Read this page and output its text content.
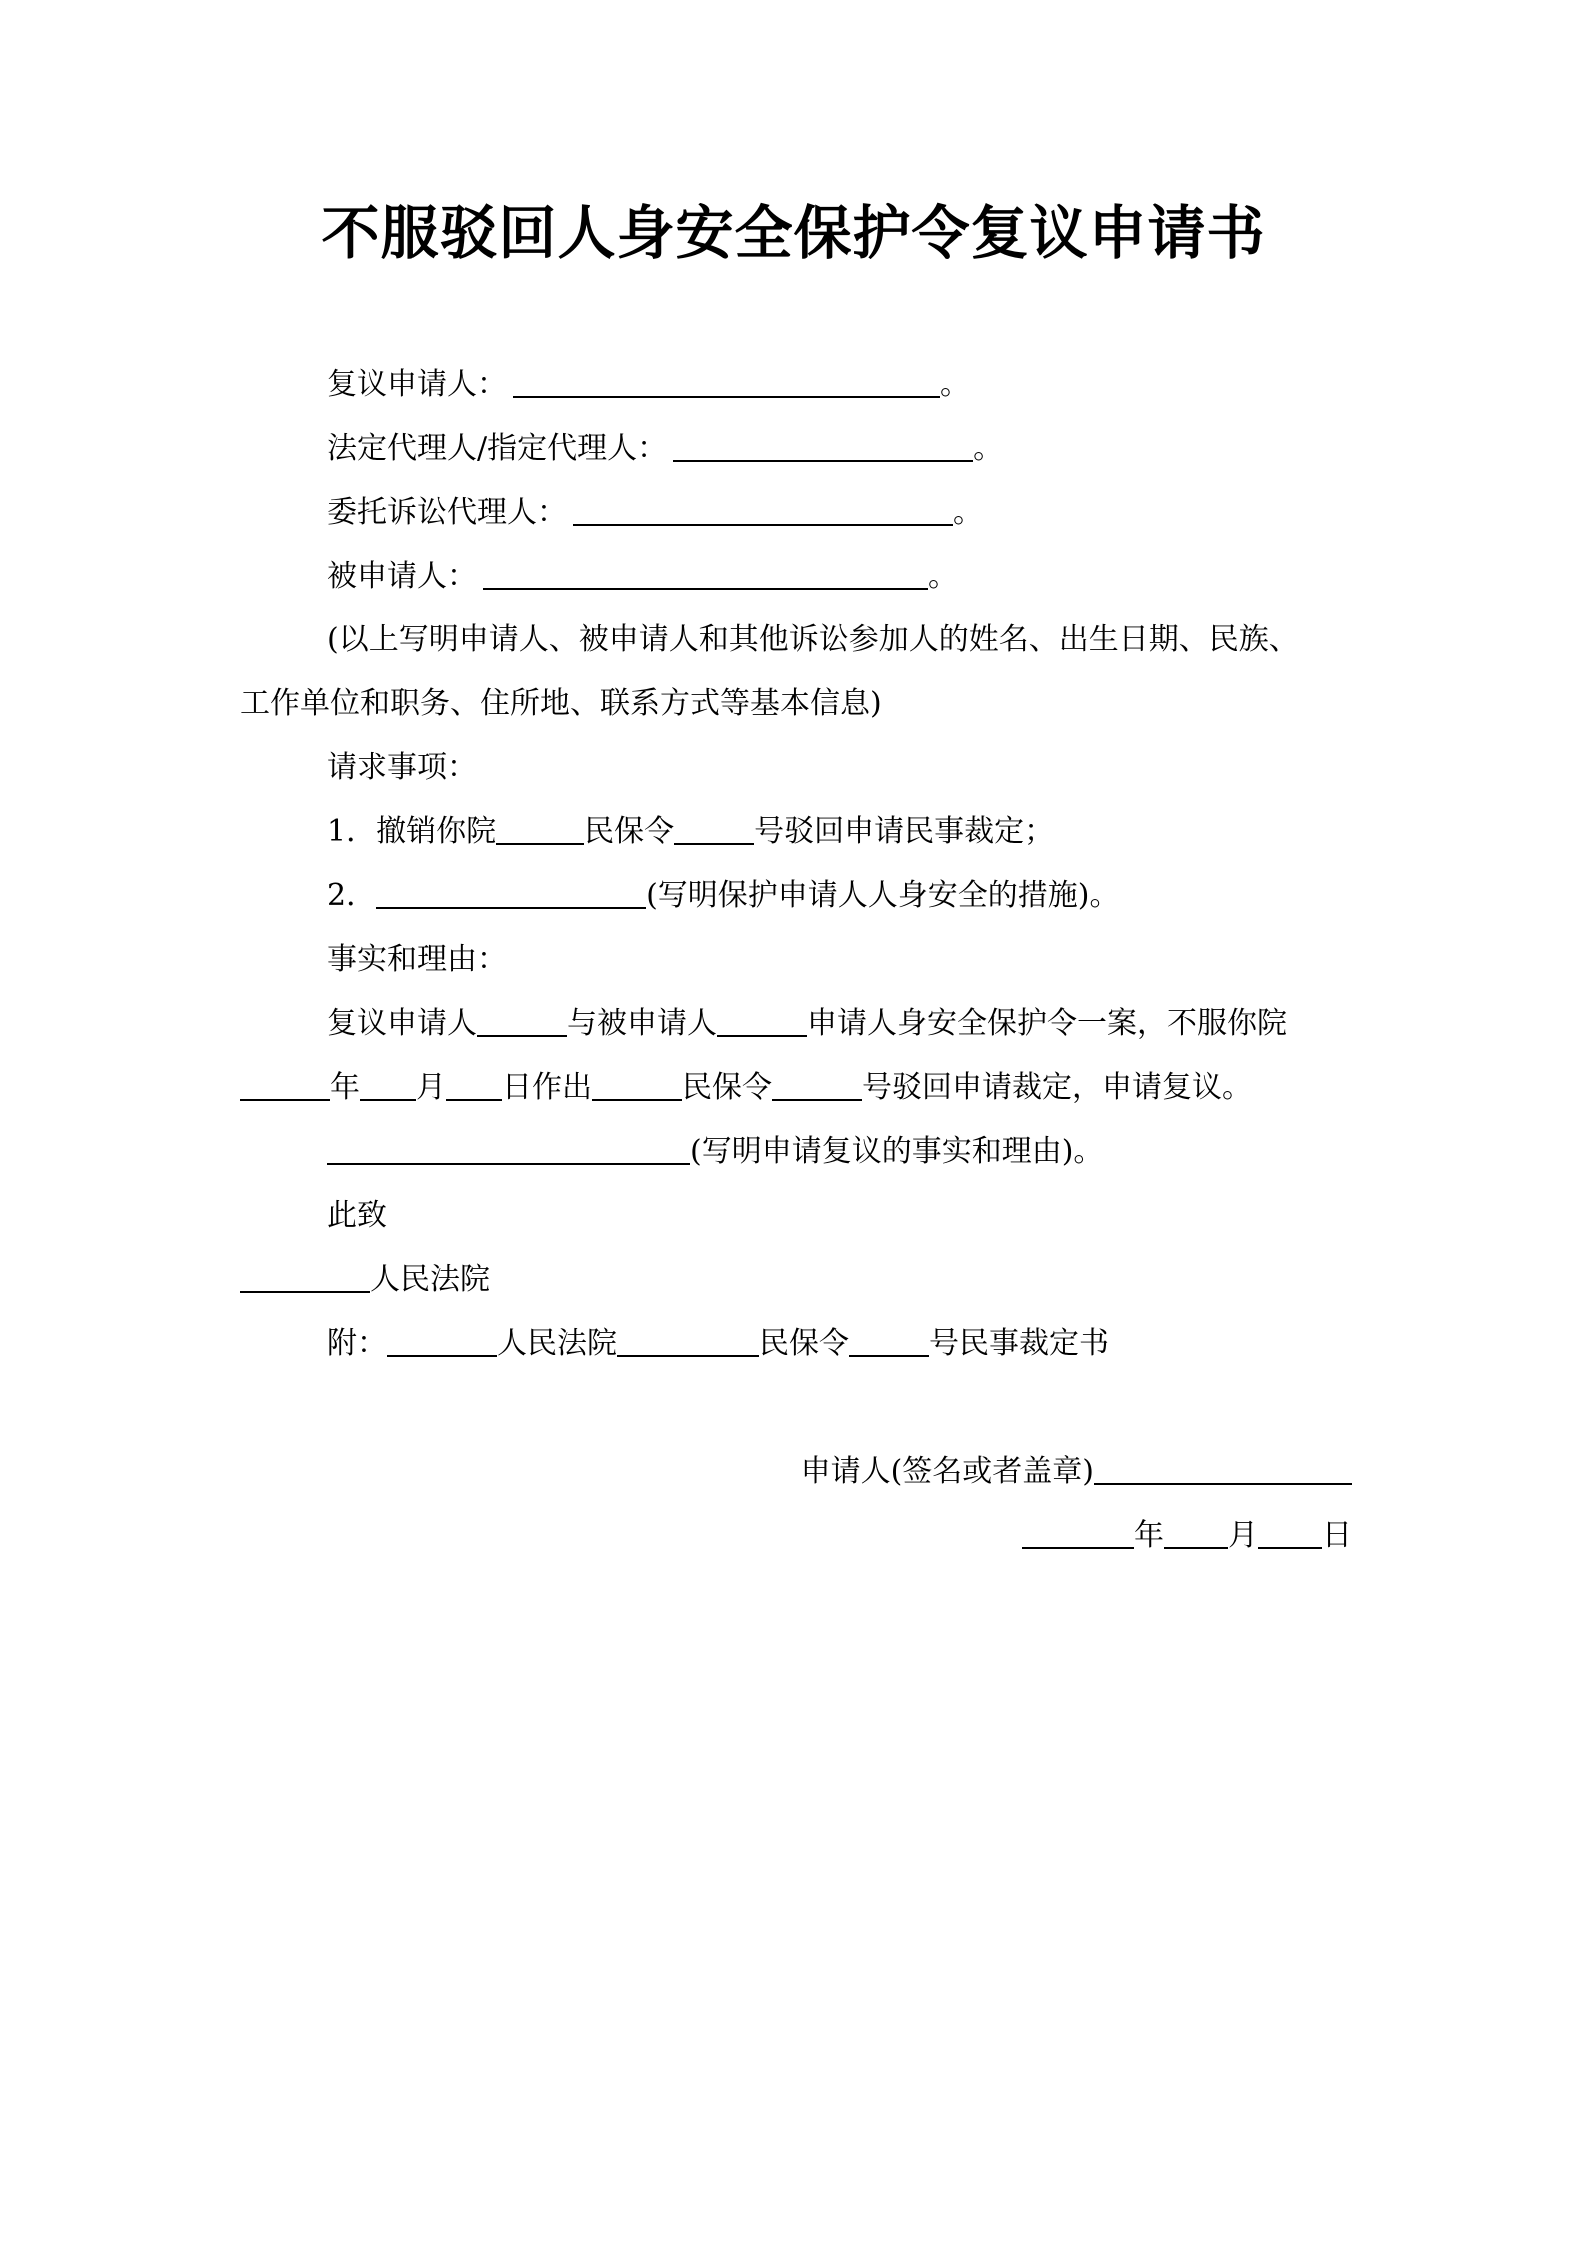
不服驳回人身安全保护令复议申请书
复议申请人：	。
法定代理人/指定代理人：	。
委托诉讼代理人：	。
被申请人：	。
(以上写明申请人、被申请人和其他诉讼参加人的姓名、出生日期、民族、
工作单位和职务、住所地、联系方式等基本信息)
请求事项：
1．撤销你院	民保令	号驳回申请民事裁定；
2．	(写明保护申请人人身安全的措施)。
事实和理由：
复议申请人	与被申请人	申请人身安全保护令一案，不服你院
年 月 日作出	民保令	号驳回申请裁定，申请复议。
(写明申请复议的事实和理由)。
此致
人民法院
附：	人民法院	民保令	号民事裁定书
申请人(签名或者盖章)
年 月 日
